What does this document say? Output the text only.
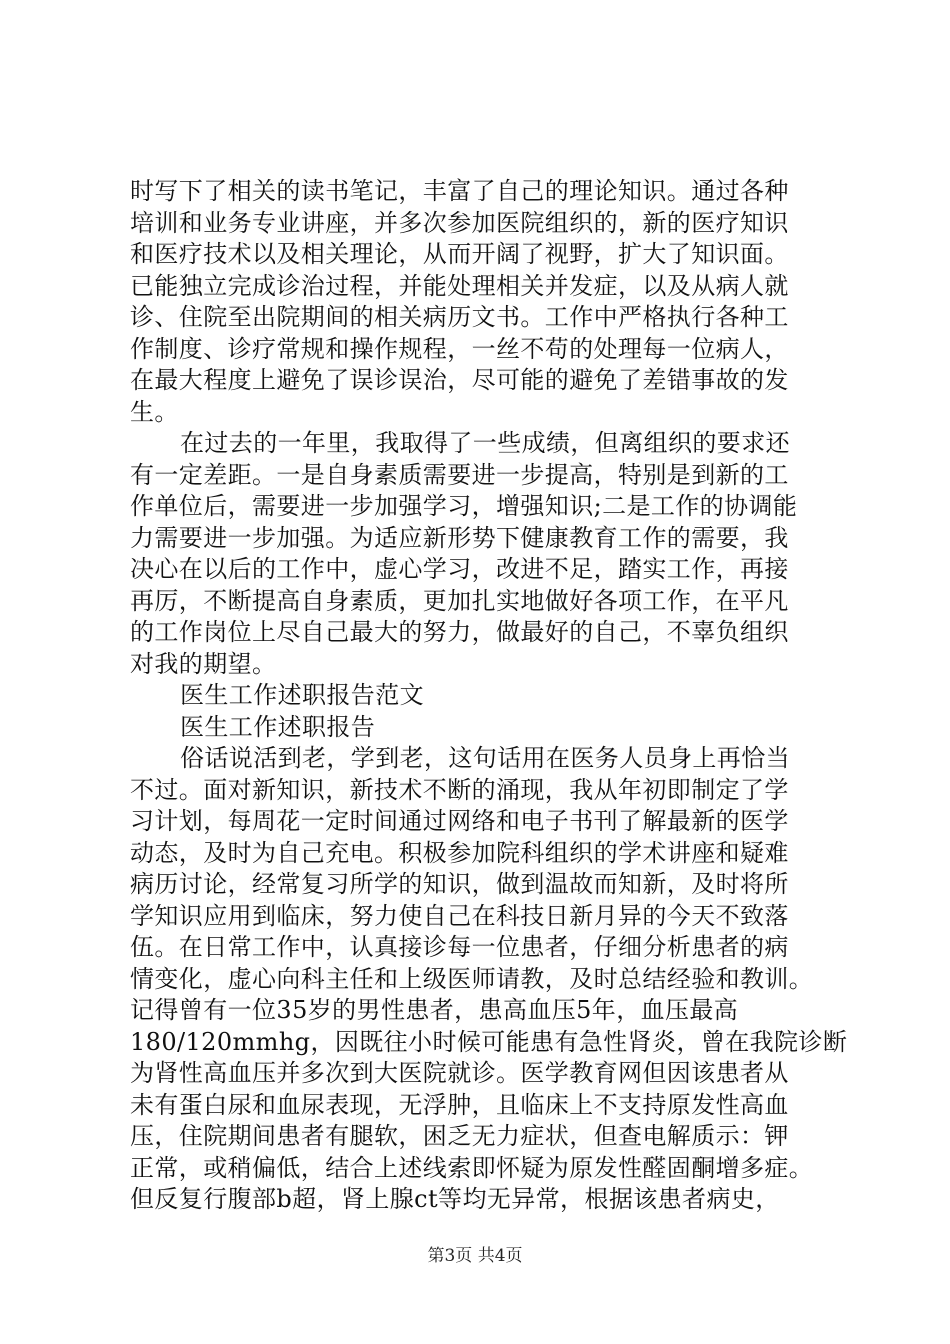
时写下了相关的读书笔记，丰富了自己的理论知识。通过各种
培训和业务专业讲座，并多次参加医院组织的，新的医疗知识
和医疗技术以及相关理论，从而开阔了视野，扩大了知识面。
已能独立完成诊治过程，并能处理相关并发症，以及从病人就
诊、住院至出院期间的相关病历文书。工作中严格执行各种工
作制度、诊疗常规和操作规程，一丝不苟的处理每一位病人，
在最大程度上避免了误诊误治，尽可能的避免了差错事故的发
生。
在过去的一年里，我取得了一些成绩，但离组织的要求还
有一定差距。一是自身素质需要进一步提高，特别是到新的工
作单位后，需要进一步加强学习，增强知识;二是工作的协调能
力需要进一步加强。为适应新形势下健康教育工作的需要，我
决心在以后的工作中，虚心学习，改进不足，踏实工作，再接
再厉，不断提高自身素质，更加扎实地做好各项工作，在平凡
的工作岗位上尽自己最大的努力，做最好的自己，不辜负组织
对我的期望。
医生工作述职报告范文
医生工作述职报告
俗话说活到老，学到老，这句话用在医务人员身上再恰当
不过。面对新知识，新技术不断的涌现，我从年初即制定了学
习计划，每周花一定时间通过网络和电子书刊了解最新的医学
动态，及时为自己充电。积极参加院科组织的学术讲座和疑难
病历讨论，经常复习所学的知识，做到温故而知新，及时将所
学知识应用到临床，努力使自己在科技日新月异的今天不致落
伍。在日常工作中，认真接诊每一位患者，仔细分析患者的病
情变化，虚心向科主任和上级医师请教，及时总结经验和教训。
记得曾有一位35岁的男性患者，患高血压5年，血压最高
180/120mmhg，因既往小时候可能患有急性肾炎，曾在我院诊断
为肾性高血压并多次到大医院就诊。医学教育网但因该患者从
未有蛋白尿和血尿表现，无浮肿，且临床上不支持原发性高血
压，住院期间患者有腿软，困乏无力症状，但查电解质示：钾
正常，或稍偏低，结合上述线索即怀疑为原发性醛固酮增多症。
但反复行腹部b超，肾上腺ct等均无异常，根据该患者病史，
第3页 共4页
